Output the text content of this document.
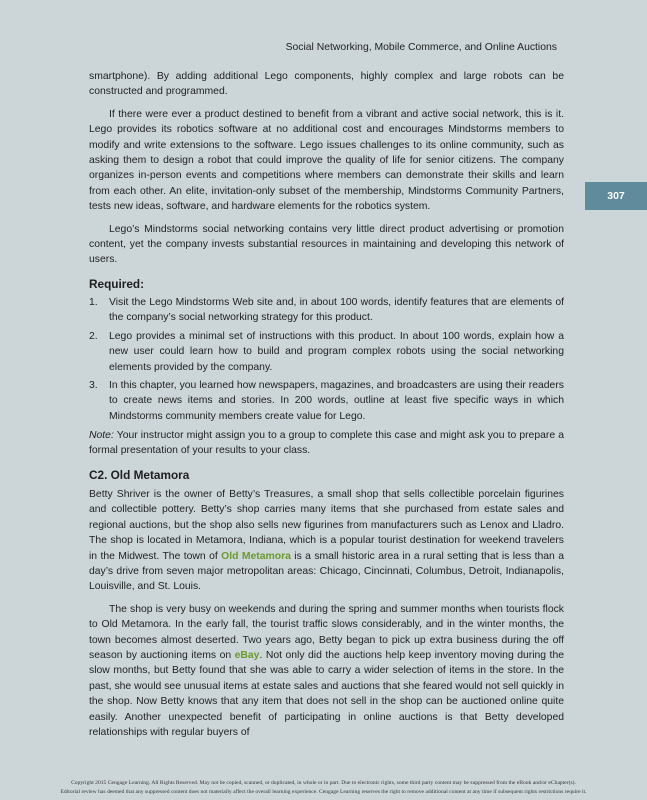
Social Networking, Mobile Commerce, and Online Auctions
307

smartphone). By adding additional Lego components, highly complex and large robots can be constructed and programmed.

If there were ever a product destined to benefit from a vibrant and active social network, this is it. Lego provides its robotics software at no additional cost and encourages Mindstorms members to modify and write extensions to the software. Lego issues challenges to its online community, such as asking them to design a robot that could improve the quality of life for senior citizens. The company organizes in-person events and competitions where members can demonstrate their skills and learn from each other. An elite, invitation-only subset of the membership, Mindstorms Community Partners, tests new ideas, software, and hardware elements for the robotics system.

Lego’s Mindstorms social networking contains very little direct product advertising or promotion content, yet the company invests substantial resources in maintaining and developing this network of users.

Required:
1. Visit the Lego Mindstorms Web site and, in about 100 words, identify features that are elements of the company’s social networking strategy for this product.
2. Lego provides a minimal set of instructions with this product. In about 100 words, explain how a new user could learn how to build and program complex robots using the social networking elements provided by the company.
3. In this chapter, you learned how newspapers, magazines, and broadcasters are using their readers to create news items and stories. In 200 words, outline at least five specific ways in which Mindstorms community members create value for Lego.

Note: Your instructor might assign you to a group to complete this case and might ask you to prepare a formal presentation of your results to your class.

C2. Old Metamora

Betty Shriver is the owner of Betty’s Treasures, a small shop that sells collectible porcelain figurines and collectible pottery. Betty’s shop carries many items that she purchased from estate sales and regional auctions, but the shop also sells new figurines from manufacturers such as Lenox and Lladro. The shop is located in Metamora, Indiana, which is a popular tourist destination for weekend travelers in the Midwest. The town of Old Metamora is a small historic area in a rural setting that is less than a day’s drive from seven major metropolitan areas: Chicago, Cincinnati, Columbus, Detroit, Indianapolis, Louisville, and St. Louis.

The shop is very busy on weekends and during the spring and summer months when tourists flock to Old Metamora. In the early fall, the tourist traffic slows considerably, and in the winter months, the town becomes almost deserted. Two years ago, Betty began to pick up extra business during the off season by auctioning items on eBay. Not only did the auctions help keep inventory moving during the slow months, but Betty found that she was able to carry a wider selection of items in the store. In the past, she would see unusual items at estate sales and auctions that she feared would not sell quickly in the shop. Now Betty knows that any item that does not sell in the shop can be auctioned online quite easily. Another unexpected benefit of participating in online auctions is that Betty developed relationships with regular buyers of

Copyright 2015 Cengage Learning. All Rights Reserved. May not be copied, scanned, or duplicated, in whole or in part. Due to electronic rights, some third party content may be suppressed from the eBook and/or eChapter(s).
Editorial review has deemed that any suppressed content does not materially affect the overall learning experience. Cengage Learning reserves the right to remove additional content at any time if subsequent rights restrictions require it.
